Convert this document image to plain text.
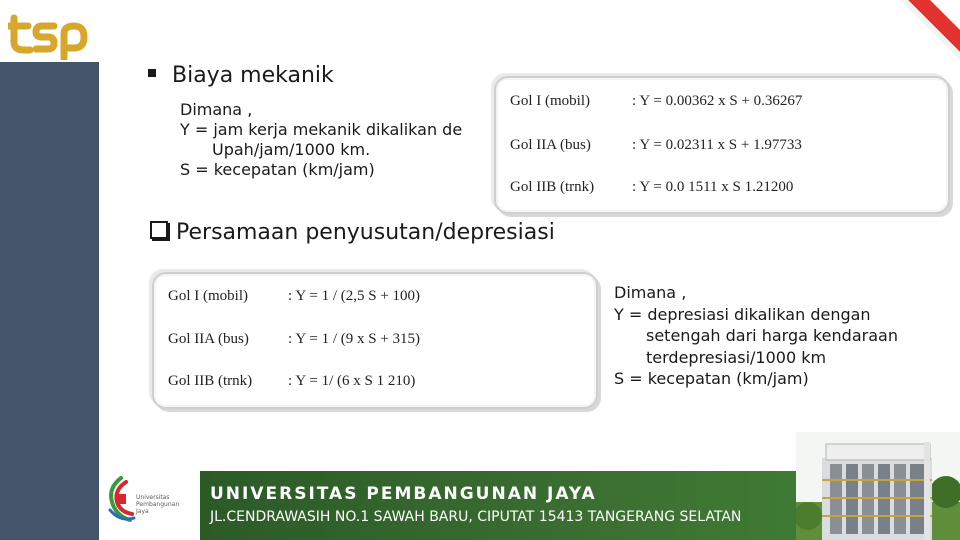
Biaya mekanik
Dimana ,
Y = jam kerja mekanik dikalikan de
Upah/jam/1000 km.
S = kecepatan (km/jam)
Gol I (mobil)	: Y = 0.00362 x S + 0.36267
Gol IIA (bus)	: Y = 0.02311 x S + 1.97733
Gol IIB (trnk)	: Y = 0.0 1511 x S 1.21200
Persamaan penyusutan/depresiasi
Gol I (mobil)	: Y = 1 / (2,5 S + 100)
Gol IIA (bus)	: Y = 1 / (9 x S + 315)
Gol IIB (trnk) : Y = 1/ (6 x S 1 210)
Dimana ,
Y = depresiasi dikalikan dengan
setengah dari harga kendaraan
terdepresiasi/1000 km
S = kecepatan (km/jam)
Universitas
Pembangunan
Jaya
UNIVERSITAS PEMBANGUNAN JAYA
JL.CENDRAWASIH NO.1 SAWAH BARU, CIPUTAT 15413 TANGERANG SELATAN
